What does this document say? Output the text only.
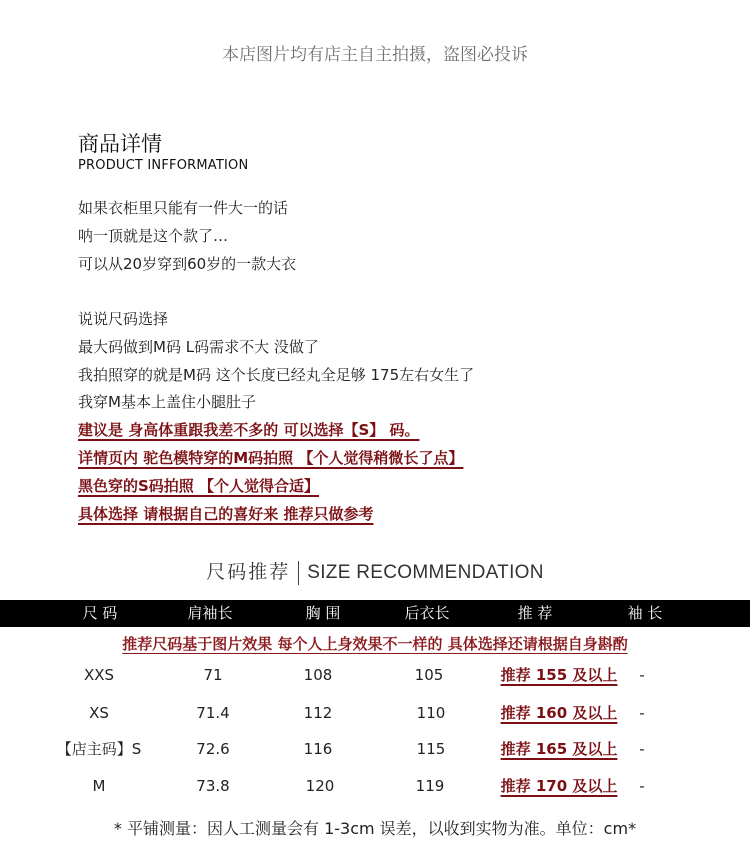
本店图片均有店主自主拍摄，盗图必投诉
商品详情
PRODUCT INFFORMATION
如果衣柜里只能有一件大一的话
呐一顶就是这个款了…
可以从20岁穿到60岁的一款大衣
说说尺码选择
最大码做到M码 L码需求不大 没做了
我拍照穿的就是M码 这个长度已经丸全足够 175左右女生了
我穿M基本上盖住小腿肚子
建议是 身高体重跟我差不多的 可以选择【S】 码。
详情页内 驼色模特穿的M码拍照 【个人觉得稍微长了点】
黑色穿的S码拍照 【个人觉得合适】
具体选择 请根据自己的喜好来 推荐只做参考
尺码推荐 SIZE RECOMMENDATION
尺 码	肩袖长	胸 围	后衣长	推 荐	袖 长
推荐尺码基于图片效果 每个人上身效果不一样的 具体选择还请根据自身斟酌
XXS	71	108	105	推荐 155 及以上	-
XS	71.4	112	110	推荐 160 及以上	-
【店主码】S	72.6	116	115	推荐 165 及以上	-
M	73.8	120	119	推荐 170 及以上	-
* 平铺测量：因人工测量会有 1-3cm 误差，以收到实物为准。单位：cm*
